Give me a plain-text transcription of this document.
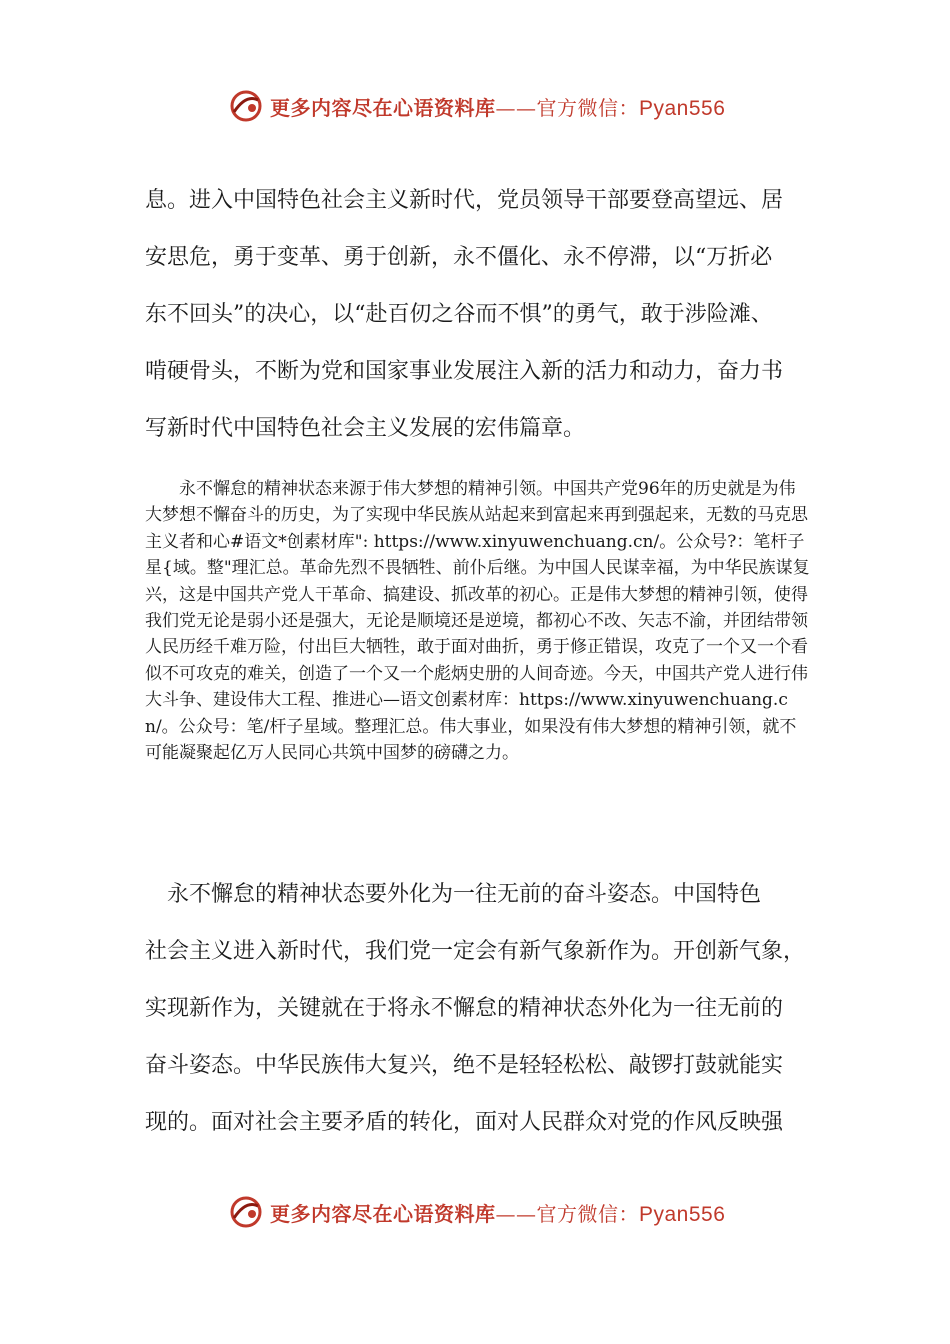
更多内容尽在心语资料库——官方微信：Pyan556

息。进入中国特色社会主义新时代，党员领导干部要登高望远、居

安思危，勇于变革、勇于创新，永不僵化、永不停滞，以“万折必

东不回头”的决心，以“赴百仞之谷而不惧”的勇气，敢于涉险滩、

啃硬骨头，不断为党和国家事业发展注入新的活力和动力，奋力书

写新时代中国特色社会主义发展的宏伟篇章。

永不懈怠的精神状态来源于伟大梦想的精神引领。中国共产党96年的历史就是为伟大梦想不懈奋斗的历史，为了实现中华民族从站起来到富起来再到强起来，无数的马克思主义者和心#语文*创素材库": https://www.xinyuwenchuang.cn/。公众号?：笔杆子星{域。整"理汇总。革命先烈不畏牺牲、前仆后继。为中国人民谋幸福，为中华民族谋复兴，这是中国共产党人干革命、搞建设、抓改革的初心。正是伟大梦想的精神引领，使得我们党无论是弱小还是强大，无论是顺境还是逆境，都初心不改、矢志不渝，并团结带领人民历经千难万险，付出巨大牺牲，敢于面对曲折，勇于修正错误，攻克了一个又一个看似不可攻克的难关，创造了一个又一个彪炳史册的人间奇迹。今天，中国共产党人进行伟大斗争、建设伟大工程、推进心—语文创素材库：https://www.xinyuwenchuang.cn/。公众号：笔/杆子星域。整理汇总。伟大事业，如果没有伟大梦想的精神引领，就不可能凝聚起亿万人民同心共筑中国梦的磅礴之力。

　永不懈怠的精神状态要外化为一往无前的奋斗姿态。中国特色

社会主义进入新时代，我们党一定会有新气象新作为。开创新气象，

实现新作为，关键就在于将永不懈怠的精神状态外化为一往无前的

奋斗姿态。中华民族伟大复兴，绝不是轻轻松松、敲锣打鼓就能实

现的。面对社会主要矛盾的转化，面对人民群众对党的作风反映强

更多内容尽在心语资料库——官方微信：Pyan556
